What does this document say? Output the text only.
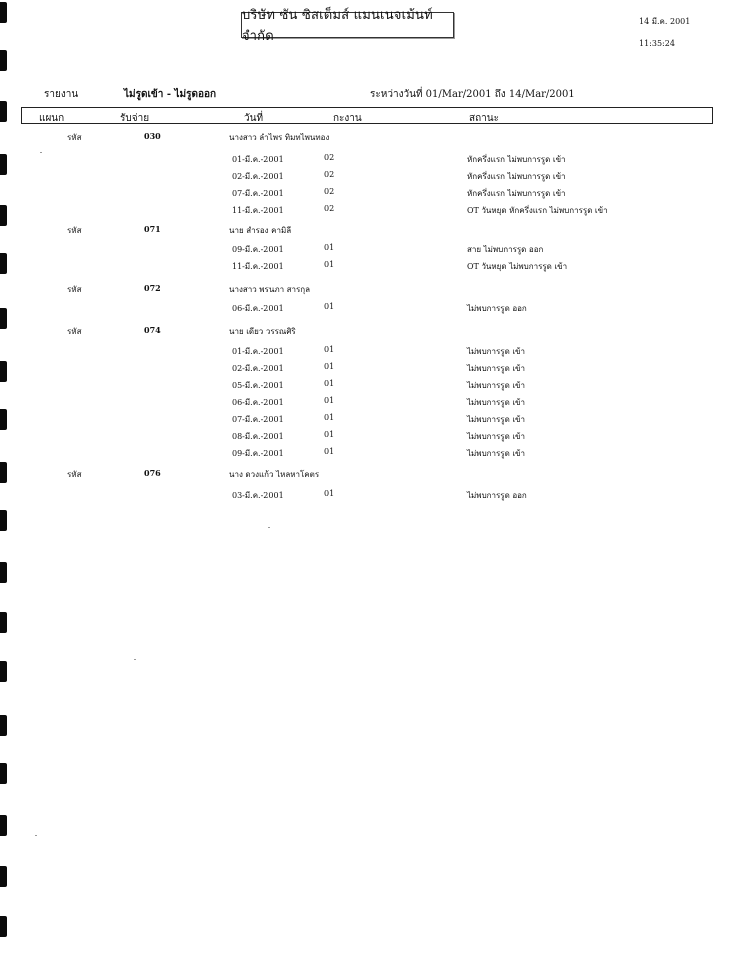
บริษัท ซัน ซิสเต็มส์ แมนเนจเม้นท์ จำกัด
14 มี.ค. 2001
11:35:24
รายงาน	ไม่รูดเข้า - ไม่รูดออก	ระหว่างวันที่ 01/Mar/2001 ถึง 14/Mar/2001
แผนก	รับจ่าย	วันที่	กะงาน	สถานะ
รหัส	030	นางสาว ลำไพร ทิมทไพนทอง
01-มี.ค.-2001	02	หักครึ่งแรก ไม่พบการรูด เข้า
02-มี.ค.-2001	02	หักครึ่งแรก ไม่พบการรูด เข้า
07-มี.ค.-2001	02	หักครึ่งแรก ไม่พบการรูด เข้า
11-มี.ค.-2001	02	OT วันหยุด หักครึ่งแรก ไม่พบการรูด เข้า
รหัส	071	นาย สำรอง คามิลี
09-มี.ค.-2001	01	สาย ไม่พบการรูด ออก
11-มี.ค.-2001	01	OT วันหยุด ไม่พบการรูด เข้า
รหัส	072	นางสาว พรนภา สารกุล
06-มี.ค.-2001	01	ไม่พบการรูด ออก
รหัส	074	นาย เดียว วรรณศิริ
01-มี.ค.-2001	01	ไม่พบการรูด เข้า
02-มี.ค.-2001	01	ไม่พบการรูด เข้า
05-มี.ค.-2001	01	ไม่พบการรูด เข้า
06-มี.ค.-2001	01	ไม่พบการรูด เข้า
07-มี.ค.-2001	01	ไม่พบการรูด เข้า
08-มี.ค.-2001	01	ไม่พบการรูด เข้า
09-มี.ค.-2001	01	ไม่พบการรูด เข้า
รหัส	076	นาง ดวงแก้ว ไหลหาโคตร
03-มี.ค.-2001	01	ไม่พบการรูด ออก
